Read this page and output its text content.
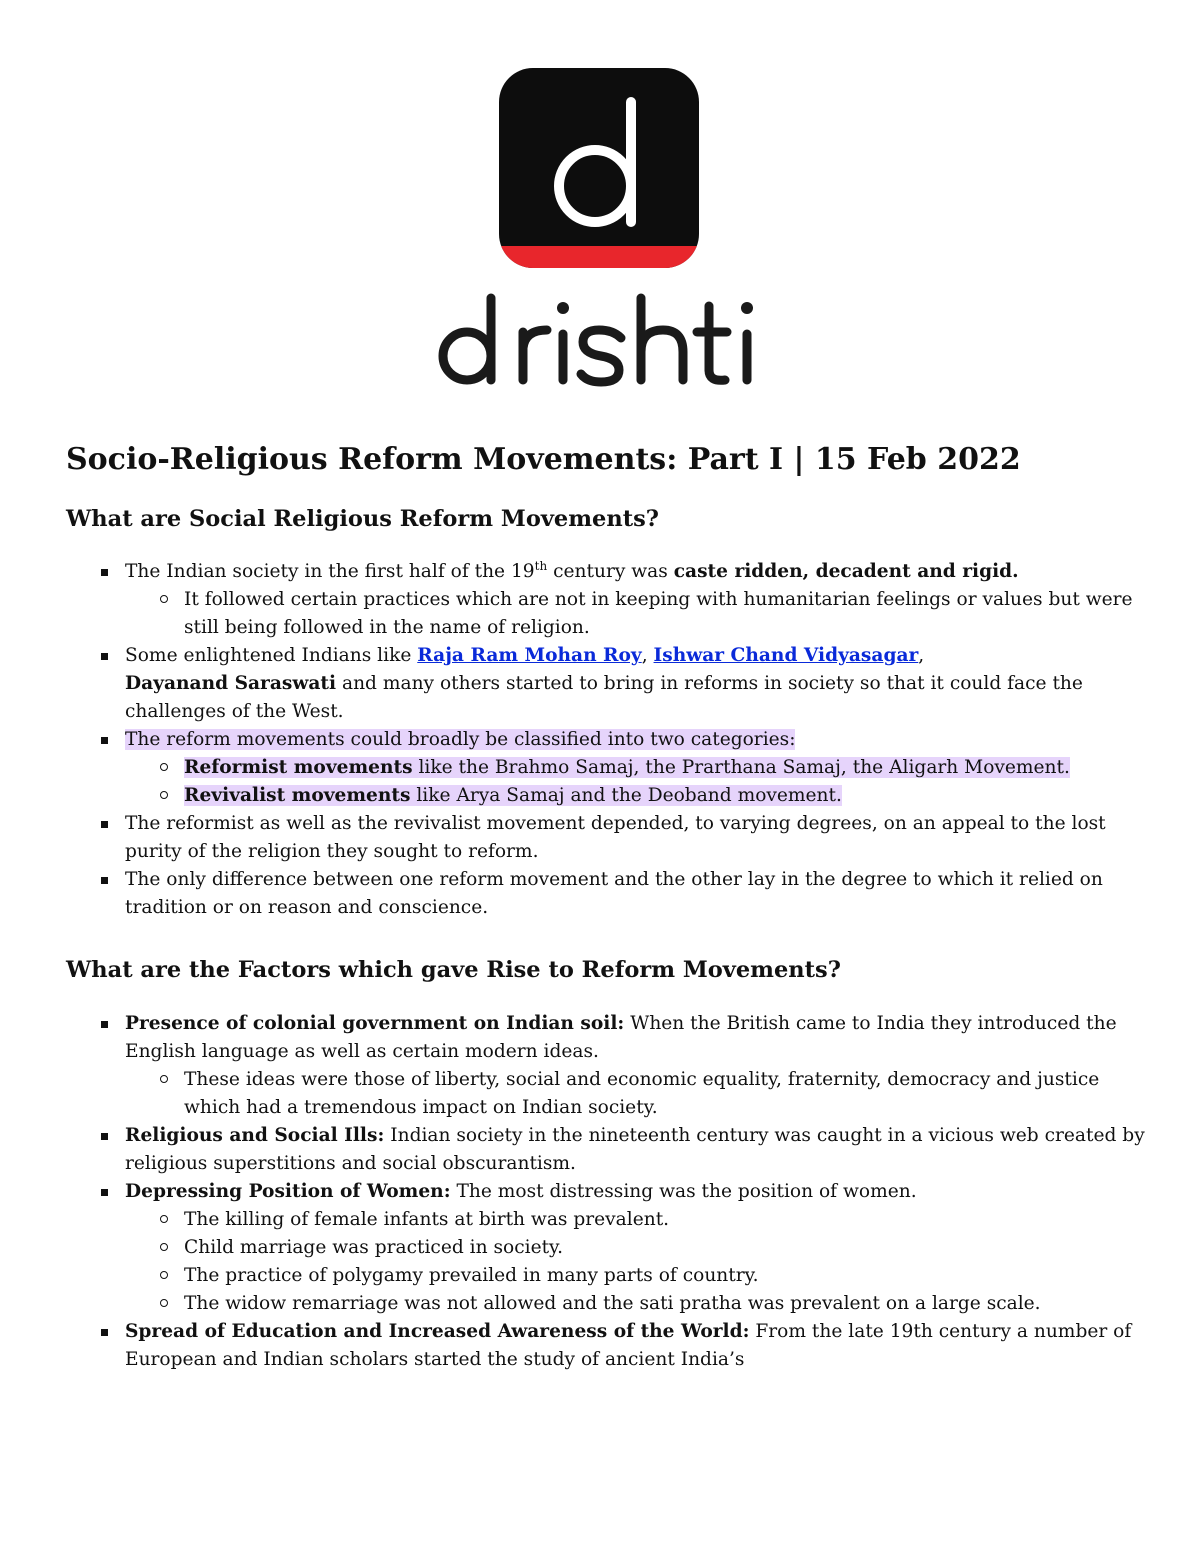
Socio-Religious Reform Movements: Part I | 15 Feb 2022
What are Social Religious Reform Movements?
The Indian society in the first half of the 19th century was caste ridden, decadent and rigid.
It followed certain practices which are not in keeping with humanitarian feelings or values but were still being followed in the name of religion.
Some enlightened Indians like Raja Ram Mohan Roy, Ishwar Chand Vidyasagar,
Dayanand Saraswati and many others started to bring in reforms in society so that it could face the challenges of the West.
The reform movements could broadly be classified into two categories:
Reformist movements like the Brahmo Samaj, the Prarthana Samaj, the Aligarh Movement.
Revivalist movements like Arya Samaj and the Deoband movement.
The reformist as well as the revivalist movement depended, to varying degrees, on an appeal to the lost purity of the religion they sought to reform.
The only difference between one reform movement and the other lay in the degree to which it relied on tradition or on reason and conscience.
What are the Factors which gave Rise to Reform Movements?
Presence of colonial government on Indian soil: When the British came to India they introduced the English language as well as certain modern ideas.
These ideas were those of liberty, social and economic equality, fraternity, democracy and justice which had a tremendous impact on Indian society.
Religious and Social Ills: Indian society in the nineteenth century was caught in a vicious web created by religious superstitions and social obscurantism.
Depressing Position of Women: The most distressing was the position of women.
The killing of female infants at birth was prevalent.
Child marriage was practiced in society.
The practice of polygamy prevailed in many parts of country.
The widow remarriage was not allowed and the sati pratha was prevalent on a large scale.
Spread of Education and Increased Awareness of the World: From the late 19th century a number of European and Indian scholars started the study of ancient India’s
